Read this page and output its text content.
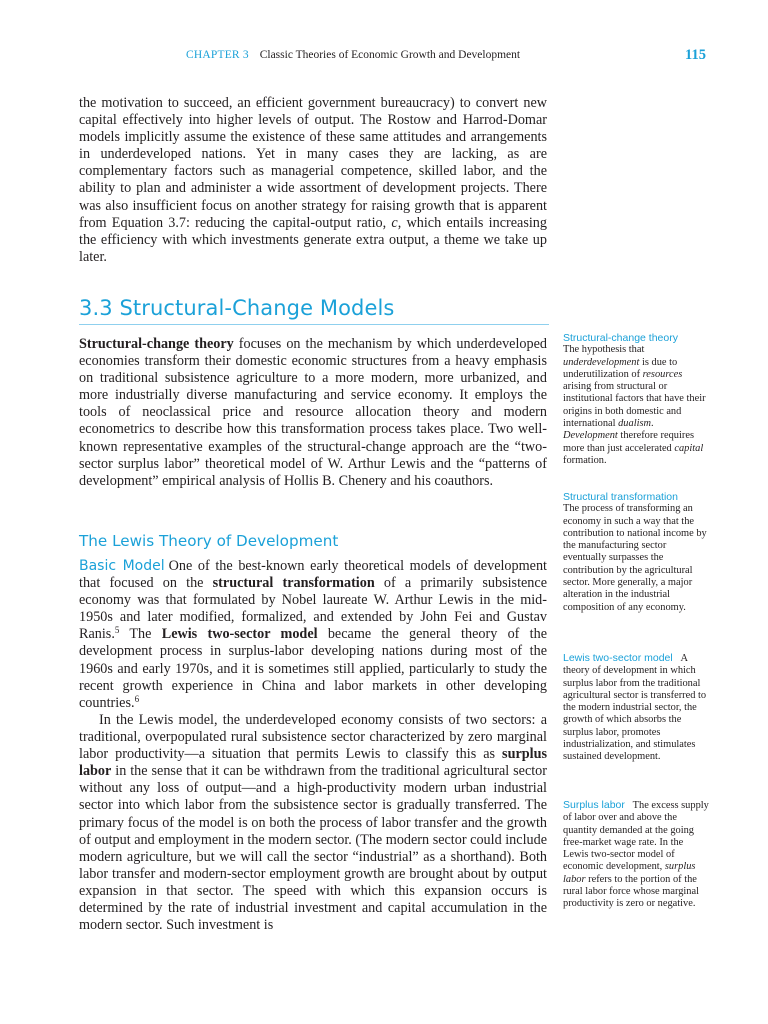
CHAPTER 3 Classic Theories of Economic Growth and Development	115

the motivation to succeed, an efficient government bureaucracy) to convert new capital effectively into higher levels of output. The Rostow and Harrod-Domar models implicitly assume the existence of these same attitudes and arrangements in underdeveloped nations. Yet in many cases they are lacking, as are complementary factors such as managerial competence, skilled labor, and the ability to plan and administer a wide assortment of development projects. There was also insufficient focus on another strategy for raising growth that is apparent from Equation 3.7: reducing the capital-output ratio, c, which entails increasing the efficiency with which investments generate extra output, a theme we take up later.

3.3 Structural-Change Models

Structural-change theory focuses on the mechanism by which underdeveloped economies transform their domestic economic structures from a heavy emphasis on traditional subsistence agriculture to a more modern, more urbanized, and more industrially diverse manufacturing and service economy. It employs the tools of neoclassical price and resource allocation theory and modern econometrics to describe how this transformation process takes place. Two well-known representative examples of the structural-change approach are the “two-sector surplus labor” theoretical model of W. Arthur Lewis and the “patterns of development” empirical analysis of Hollis B. Chenery and his coauthors.

The Lewis Theory of Development

Basic Model One of the best-known early theoretical models of development that focused on the structural transformation of a primarily subsistence economy was that formulated by Nobel laureate W. Arthur Lewis in the mid-1950s and later modified, formalized, and extended by John Fei and Gustav Ranis.$^5$ The Lewis two-sector model became the general theory of the development process in surplus-labor developing nations during most of the 1960s and early 1970s, and it is sometimes still applied, particularly to study the recent growth experience in China and labor markets in other developing countries.$^6$

In the Lewis model, the underdeveloped economy consists of two sectors: a traditional, overpopulated rural subsistence sector characterized by zero marginal labor productivity—a situation that permits Lewis to classify this as surplus labor in the sense that it can be withdrawn from the traditional agricultural sector without any loss of output—and a high-productivity modern urban industrial sector into which labor from the subsistence sector is gradually transferred. The primary focus of the model is on both the process of labor transfer and the growth of output and employment in the modern sector. (The modern sector could include modern agriculture, but we will call the sector “industrial” as a shorthand). Both labor transfer and modern-sector employment growth are brought about by output expansion in that sector. The speed with which this expansion occurs is determined by the rate of industrial investment and capital accumulation in the modern sector. Such investment is

Structural-change theory
The hypothesis that underdevelopment is due to underutilization of resources arising from structural or institutional factors that have their origins in both domestic and international dualism. Development therefore requires more than just accelerated capital formation.
Structural transformation
The process of transforming an economy in such a way that the contribution to national income by the manufacturing sector eventually surpasses the contribution by the agricultural sector. More generally, a major alteration in the industrial composition of any economy.
Lewis two-sector model A theory of development in which surplus labor from the traditional agricultural sector is transferred to the modern industrial sector, the growth of which absorbs the surplus labor, promotes industrialization, and stimulates sustained development.
Surplus labor The excess supply of labor over and above the quantity demanded at the going free-market wage rate. In the Lewis two-sector model of economic development, surplus labor refers to the portion of the rural labor force whose marginal productivity is zero or negative.
